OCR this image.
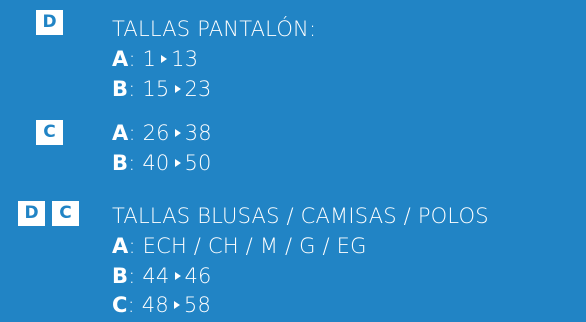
D	TALLAS PANTALÓN:
A: 1 13
B: 15 23
C	A: 26 38
B: 40 50
D	C	TALLAS BLUSAS / CAMISAS / POLOS
A: ECH / CH / M / G / EG
B: 44 46
C: 48 58
